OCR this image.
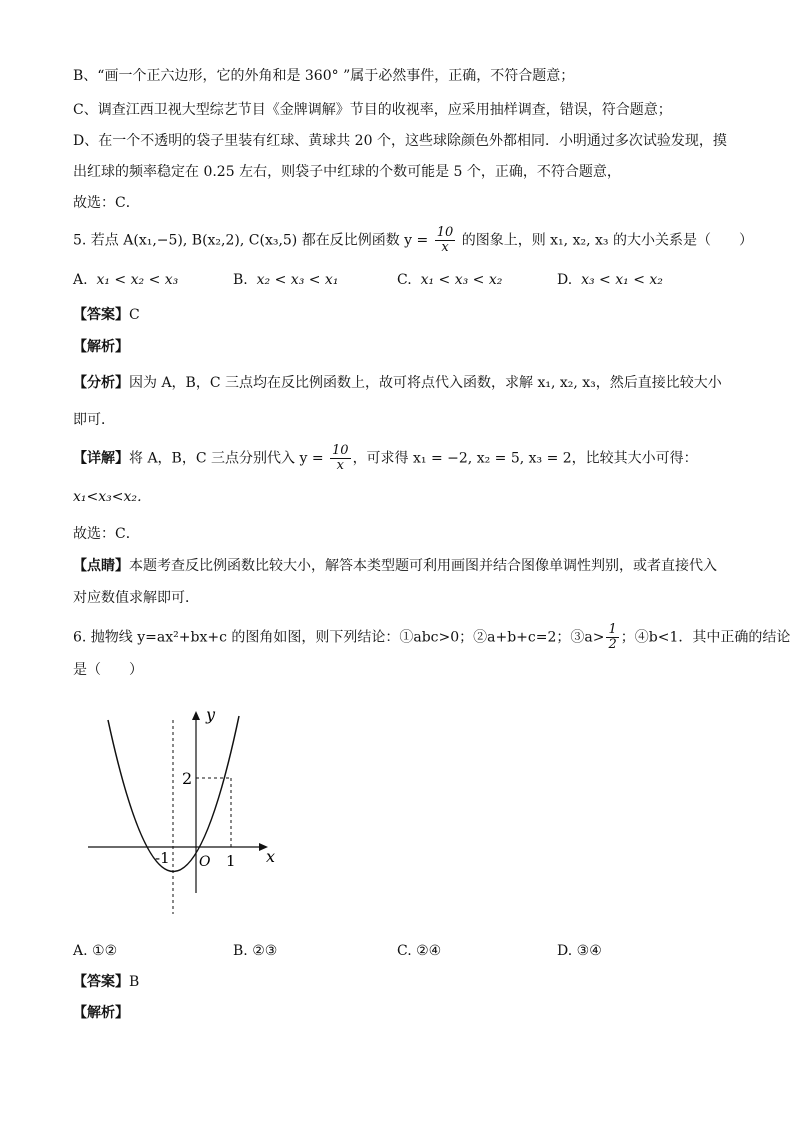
B、“画一个正六边形，它的外角和是 360° ”属于必然事件，正确，不符合题意；
C、调查江西卫视大型综艺节目《金牌调解》节目的收视率，应采用抽样调查，错误，符合题意；
D、在一个不透明的袋子里装有红球、黄球共 20 个，这些球除颜色外都相同．小明通过多次试验发现，摸
出红球的频率稳定在 0.25 左右，则袋子中红球的个数可能是 5 个，正确，不符合题意，
故选：C．
5. 若点 A(x₁,−5), B(x₂,2), C(x₃,5) 都在反比例函数 $y = \frac{10}{x}$ 的图象上，则 x₁, x₂, x₃ 的大小关系是（　　）
A. x₁ < x₂ < x₃	B. x₂ < x₃ < x₁	C. x₁ < x₃ < x₂	D. x₃ < x₁ < x₂
【答案】C
【解析】
【分析】因为 A，B，C 三点均在反比例函数上，故可将点代入函数，求解 x₁, x₂, x₃，然后直接比较大小
即可．
【详解】将 A，B，C 三点分别代入 $y = \frac{10}{x}$ ，可求得 x₁ = −2, x₂ = 5, x₃ = 2，比较其大小可得：
x₁<x₃<x₂．
故选：C．
【点睛】本题考查反比例函数比较大小，解答本类型题可利用画图并结合图像单调性判别，或者直接代入
对应数值求解即可．
6. 抛物线 y=ax²+bx+c 的图角如图，则下列结论：①abc>0；②a+b+c=2；③a> $\frac{1}{2}$ ；④b<1．其中正确的结论
是（　　）
y
x
2
-1	1
O
A. ①②	B. ②③	C. ②④	D. ③④
【答案】B
【解析】
